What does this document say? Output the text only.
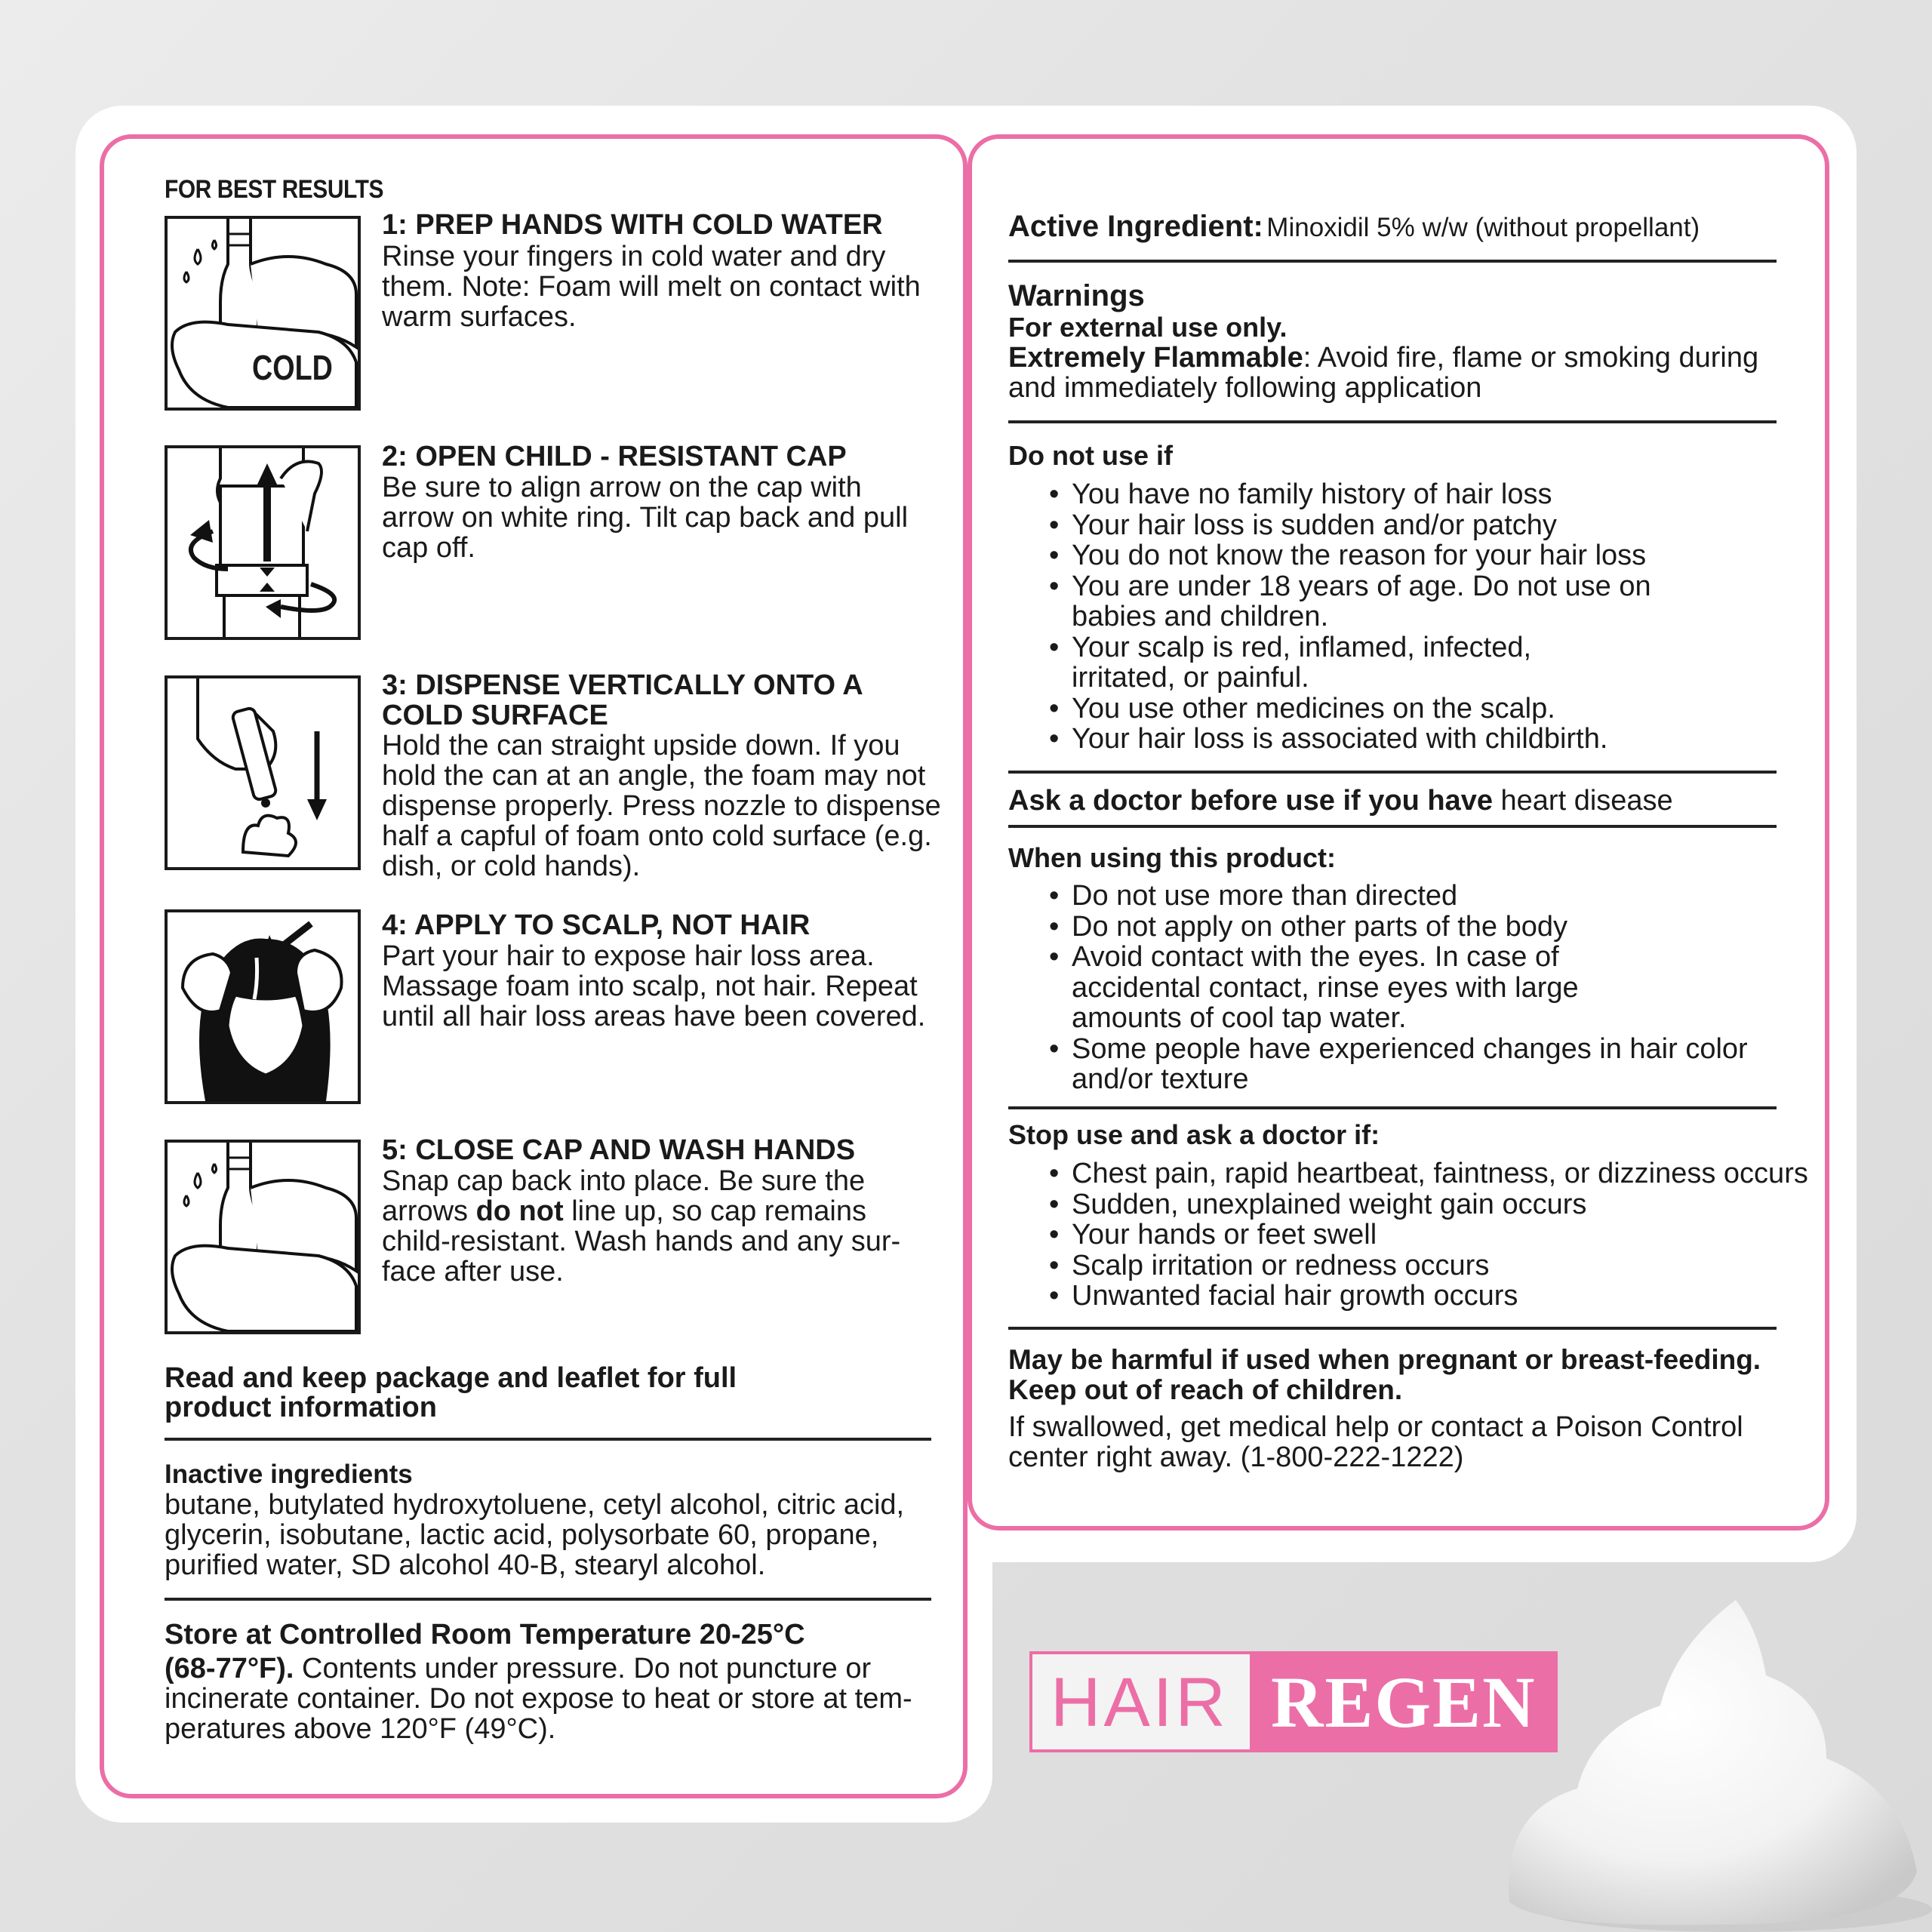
FOR BEST RESULTS
COLD
1: PREP HANDS WITH COLD WATER
Rinse your fingers in cold water and dry them. Note: Foam will melt on contact with warm surfaces.
2: OPEN CHILD - RESISTANT CAP
Be sure to align arrow on the cap with arrow on white ring. Tilt cap back and pull cap off.
3: DISPENSE VERTICALLY ONTO A
COLD SURFACE
Hold the can straight upside down. If you hold the can at an angle, the foam may not dispense properly. Press nozzle to dispense half a capful of foam onto cold surface (e.g. dish, or cold hands).
4: APPLY TO SCALP, NOT HAIR
Part your hair to expose hair loss area. Massage foam into scalp, not hair. Repeat until all hair loss areas have been covered.
5: CLOSE CAP AND WASH HANDS
Snap cap back into place. Be sure the arrows do not line up, so cap remains child-resistant. Wash hands and any sur-face after use.
Read and keep package and leaflet for full
product information
Inactive ingredients
butane, butylated hydroxytoluene, cetyl alcohol, citric acid, glycerin, isobutane, lactic acid, polysorbate 60, propane, purified water, SD alcohol 40-B, stearyl alcohol.
Store at Controlled Room Temperature 20-25°C
(68-77°F). Contents under pressure. Do not puncture or incinerate container. Do not expose to heat or store at tem-peratures above 120°F (49°C).
Active Ingredient: Minoxidil 5% w/w (without propellant)
Warnings
For external use only.
Extremely Flammable: Avoid fire, flame or smoking during and immediately following application
Do not use if
• You have no family history of hair loss
• Your hair loss is sudden and/or patchy
• You do not know the reason for your hair loss
• You are under 18 years of age. Do not use on babies and children.
• Your scalp is red, inflamed, infected, irritated, or painful.
• You use other medicines on the scalp.
• Your hair loss is associated with childbirth.
Ask a doctor before use if you have heart disease
When using this product:
• Do not use more than directed
• Do not apply on other parts of the body
• Avoid contact with the eyes. In case of accidental contact, rinse eyes with large amounts of cool tap water.
• Some people have experienced changes in hair color and/or texture
Stop use and ask a doctor if:
• Chest pain, rapid heartbeat, faintness, or dizziness occurs
• Sudden, unexplained weight gain occurs
• Your hands or feet swell
• Scalp irritation or redness occurs
• Unwanted facial hair growth occurs
May be harmful if used when pregnant or breast-feeding.
Keep out of reach of children.
If swallowed, get medical help or contact a Poison Control center right away. (1-800-222-1222)
HAIR REGEN
